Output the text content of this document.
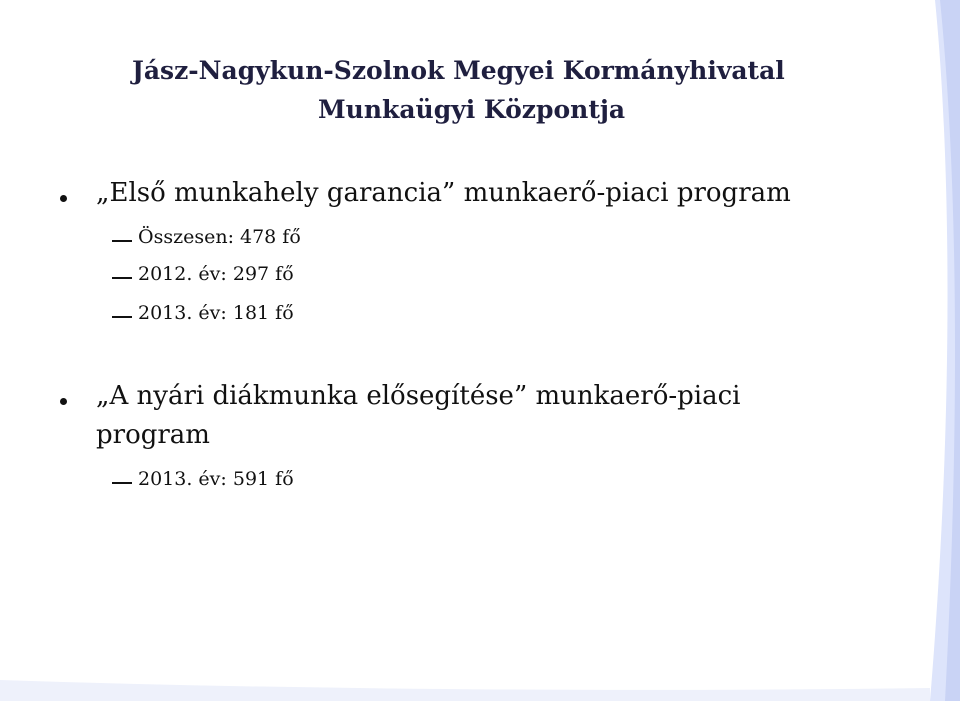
Jász-Nagykun-Szolnok Megyei Kormányhivatal
Munkaügyi Központja
„Első munkahely garancia” munkaerő-piaci program
Összesen: 478 fő
2012. év: 297 fő
2013. év: 181 fő
„A nyári diákmunka elősegítése” munkaerő-piaci
program
2013. év: 591 fő
